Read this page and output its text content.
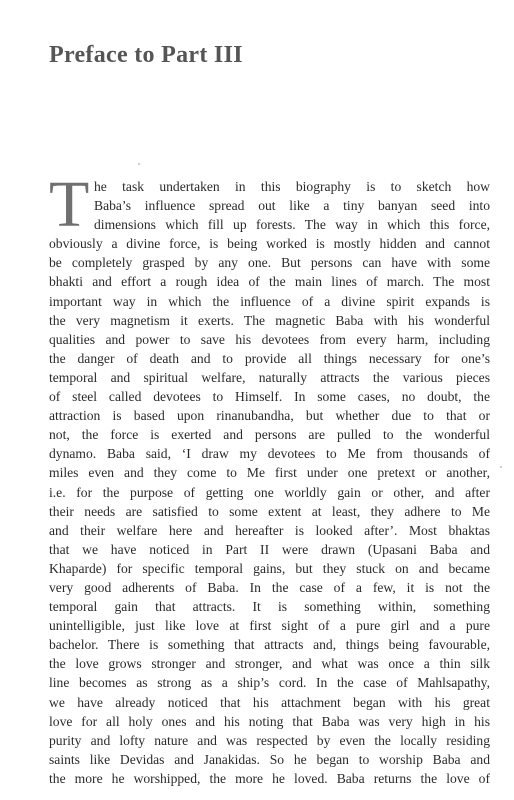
Preface to Part III
T he task undertaken in this biography is to sketch how
Baba’s influence spread out like a tiny banyan seed into
dimensions which fill up forests. The way in which this force,
obviously a divine force, is being worked is mostly hidden and cannot
be completely grasped by any one. But persons can have with some
bhakti and effort a rough idea of the main lines of march. The most
important way in which the influence of a divine spirit expands is
the very magnetism it exerts. The magnetic Baba with his wonderful
qualities and power to save his devotees from every harm, including
the danger of death and to provide all things necessary for one’s
temporal and spiritual welfare, naturally attracts the various pieces
of steel called devotees to Himself. In some cases, no doubt, the
attraction is based upon rinanubandha, but whether due to that or
not, the force is exerted and persons are pulled to the wonderful
dynamo. Baba said, ‘I draw my devotees to Me from thousands of
miles even and they come to Me first under one pretext or another,
i.e. for the purpose of getting one worldly gain or other, and after
their needs are satisfied to some extent at least, they adhere to Me
and their welfare here and hereafter is looked after’. Most bhaktas
that we have noticed in Part II were drawn (Upasani Baba and
Khaparde) for specific temporal gains, but they stuck on and became
very good adherents of Baba. In the case of a few, it is not the
temporal gain that attracts. It is something within, something
unintelligible, just like love at first sight of a pure girl and a pure
bachelor. There is something that attracts and, things being favourable,
the love grows stronger and stronger, and what was once a thin silk
line becomes as strong as a ship’s cord. In the case of Mahlsapathy,
we have already noticed that his attachment began with his great
love for all holy ones and his noting that Baba was very high in his
purity and lofty nature and was respected by even the locally residing
saints like Devidas and Janakidas. So he began to worship Baba and
the more he worshipped, the more he loved. Baba returns the love of
